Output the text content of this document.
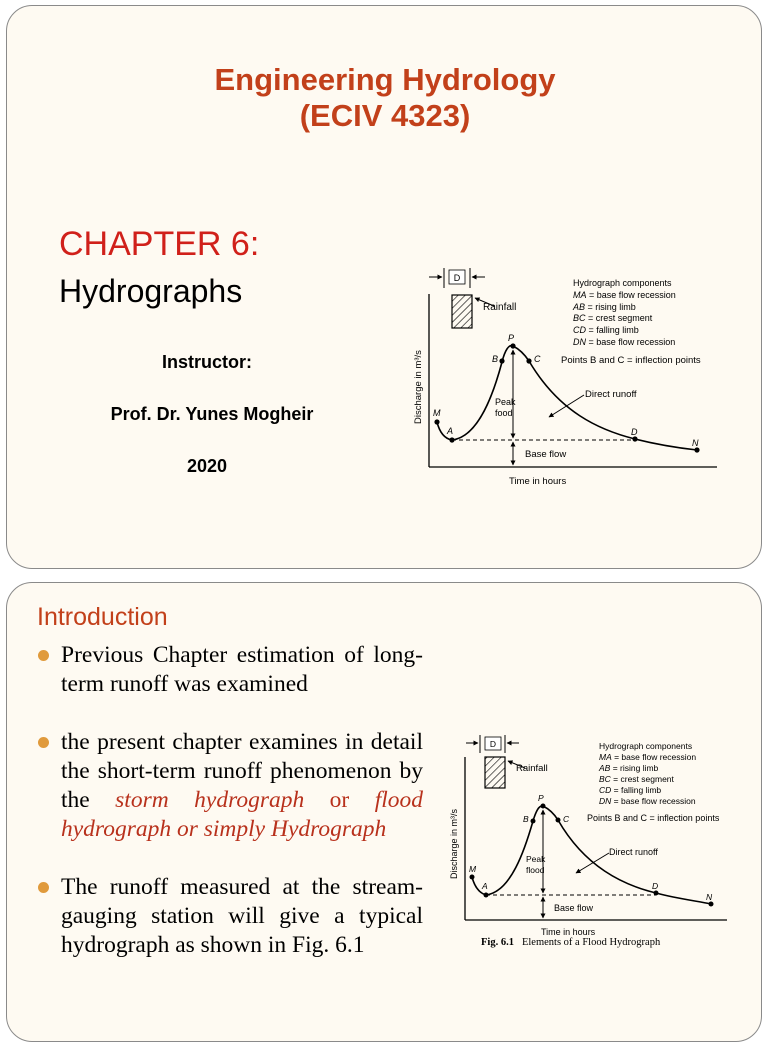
Engineering Hydrology
(ECIV 4323)
CHAPTER 6:
Hydrographs
Instructor:
Prof. Dr. Yunes Mogheir
2020
D
Rainfall
Hydrograph components
MA = base flow recession
AB = rising limb
BC = crest segment
CD = falling limb
DN = base flow recession
Points B and C = inflection points
Discharge in m³/s
Time in hours
Peak
food
Base flow
Direct runoff
M
A
B
P
C
D
N
Introduction
Previous Chapter estimation of long-term runoff was examined
the present chapter examines in detail the short-term runoff phenomenon by the storm hydrograph or flood hydrograph or simply Hydrograph
The runoff measured at the stream-gauging station will give a typical hydrograph as shown in Fig. 6.1
D
Rainfall
Hydrograph components
MA = base flow recession
AB = rising limb
BC = crest segment
CD = falling limb
DN = base flow recession
Points B and C = inflection points
Discharge in m³/s
Time in hours
Peak
flood
Base flow
Direct runoff
M
A
B
P
C
D
N
Fig. 6.1 Elements of a Flood Hydrograph
